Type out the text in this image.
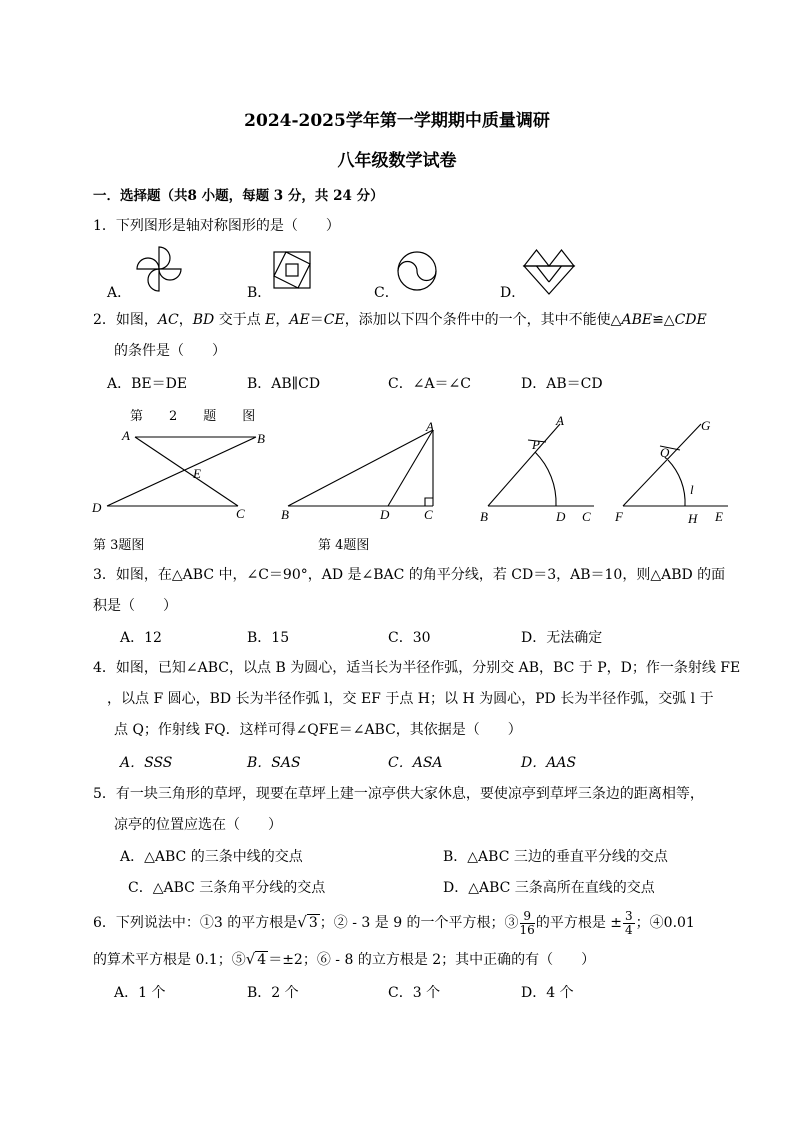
2024-2025学年第一学期期中质量调研
八年级数学试卷
一．选择题（共8 小题，每题 3 分，共 24 分）
1．下列图形是轴对称图形的是（　　）
A．	B．	C．	D．
2．如图，AC，BD 交于点 E，AE＝CE，添加以下四个条件中的一个，其中不能使△ABE≌△CDE
的条件是（　　）
A．BE＝DE	B．AB∥CD	C．∠A＝∠C	D．AB＝CD
第　　2　　题　　图
A	B
E
D	C
A
B	D	C
A
P
B	D C
G
Q
l
F	H E
第 3题图	第 4题图
3．如图，在△ABC 中，∠C＝90°，AD 是∠BAC 的角平分线，若 CD＝3，AB＝10，则△ABD 的面
积是（　　）
A．12	B．15	C．30	D．无法确定
4．如图，已知∠ABC，以点 B 为圆心，适当长为半径作弧，分别交 AB，BC 于 P，D；作一条射线 FE
，以点 F 圆心，BD 长为半径作弧 l，交 EF 于点 H；以 H 为圆心，PD 长为半径作弧，交弧 l 于
点 Q；作射线 FQ．这样可得∠QFE＝∠ABC，其依据是（　　）
A．SSS	B．SAS	C．ASA	D．AAS
5．有一块三角形的草坪，现要在草坪上建一凉亭供大家休息，要使凉亭到草坪三条边的距离相等，
凉亭的位置应选在（　　）
A．△ABC 的三条中线的交点	B．△ABC 三边的垂直平分线的交点
C．△ABC 三条角平分线的交点	D．△ABC 三条高所在直线的交点
6．下列说法中：①3 的平方根是√ 3 ；② - 3 是 9 的一个平方根；③ $\frac{9}{16}$ 的平方根是 ± $\frac{3}{4}$ ；④0.01
的算术平方根是 0.1；⑤√ 4 ＝±2；⑥ - 8 的立方根是 2；其中正确的有（　　）
A．1 个	B．2 个	C．3 个	D．4 个
